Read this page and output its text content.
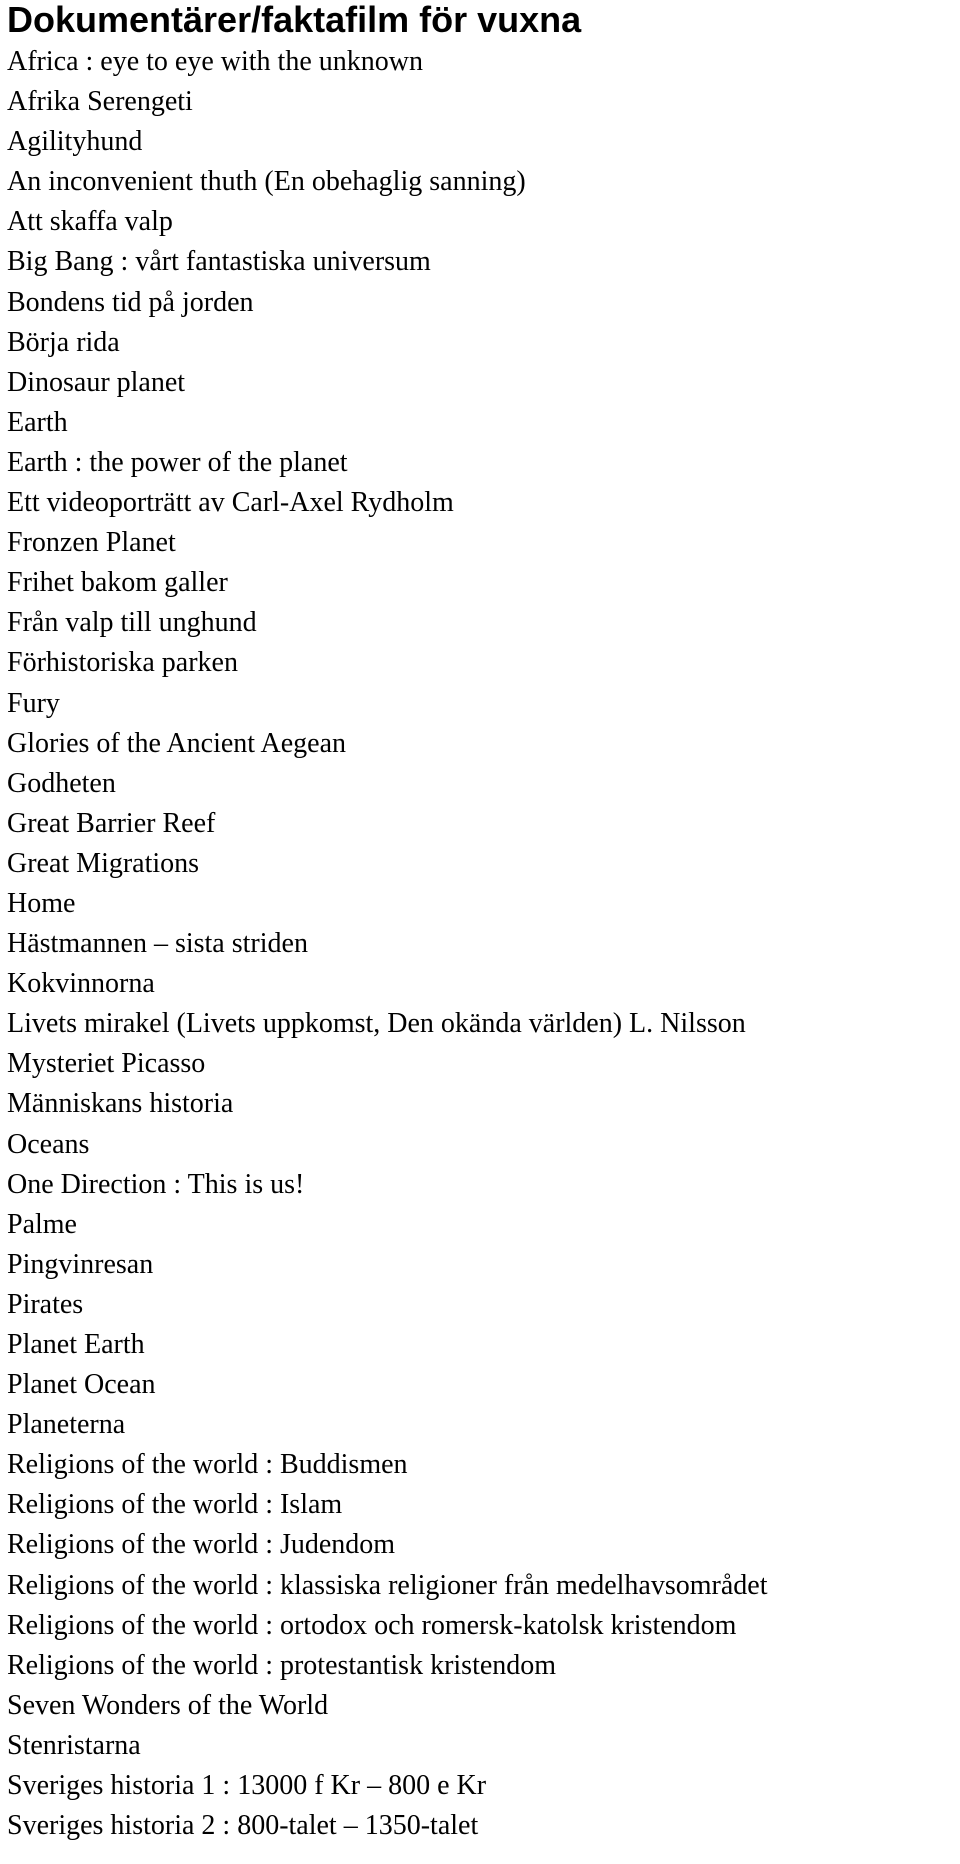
Dokumentärer/faktafilm för vuxna
Africa : eye to eye with the unknown
Afrika Serengeti
Agilityhund
An inconvenient thuth (En obehaglig sanning)
Att skaffa valp
Big Bang : vårt fantastiska universum
Bondens tid på jorden
Börja rida
Dinosaur planet
Earth
Earth : the power of the planet
Ett videoporträtt av Carl-Axel Rydholm
Fronzen Planet
Frihet bakom galler
Från valp till unghund
Förhistoriska parken
Fury
Glories of the Ancient Aegean
Godheten
Great Barrier Reef
Great Migrations
Home
Hästmannen – sista striden
Kokvinnorna
Livets mirakel (Livets uppkomst, Den okända världen) L. Nilsson
Mysteriet Picasso
Människans historia
Oceans
One Direction : This is us!
Palme
Pingvinresan
Pirates
Planet Earth
Planet Ocean
Planeterna
Religions of the world : Buddismen
Religions of the world : Islam
Religions of the world : Judendom
Religions of the world : klassiska religioner från medelhavsområdet
Religions of the world : ortodox och romersk-katolsk kristendom
Religions of the world : protestantisk kristendom
Seven Wonders of the World
Stenristarna
Sveriges historia 1 : 13000 f Kr – 800 e Kr
Sveriges historia 2 : 800-talet – 1350-talet
